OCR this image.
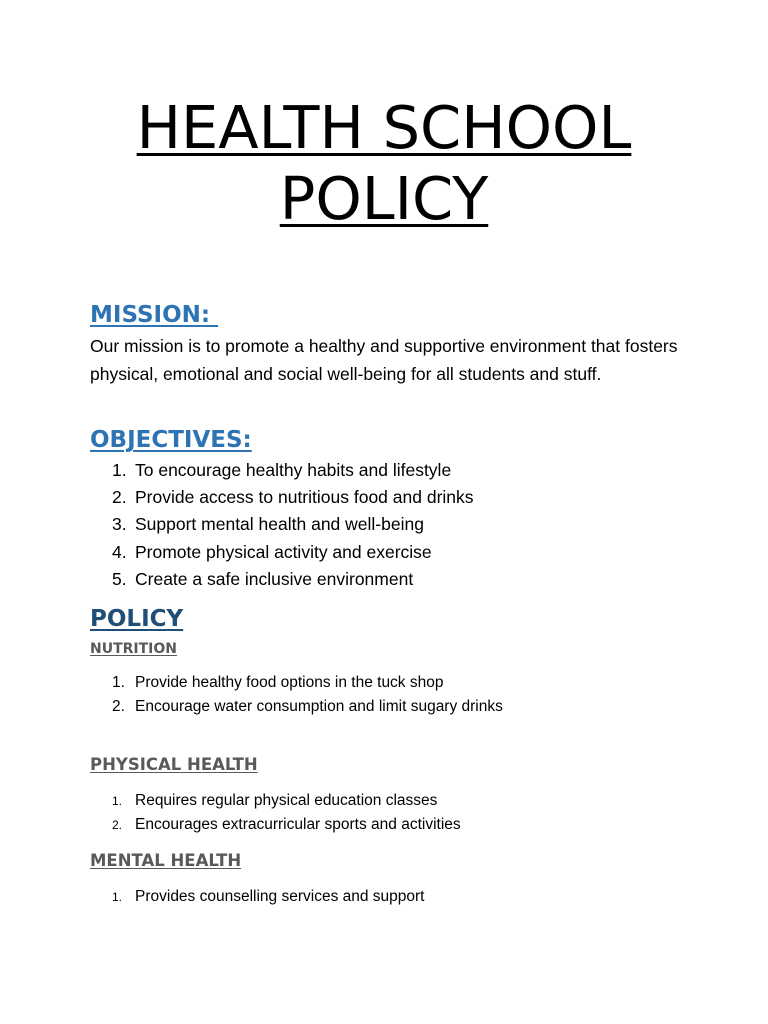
HEALTH SCHOOL
POLICY
MISSION:

Our mission is to promote a healthy and supportive environment that fosters physical, emotional and social well-being for all students and stuff.

OBJECTIVES:
1. To encourage healthy habits and lifestyle
2. Provide access to nutritious food and drinks
3. Support mental health and well-being
4. Promote physical activity and exercise
5. Create a safe inclusive environment
POLICY
NUTRITION
1. Provide healthy food options in the tuck shop
2. Encourage water consumption and limit sugary drinks
PHYSICAL HEALTH
1. Requires regular physical education classes
2. Encourages extracurricular sports and activities
MENTAL HEALTH
1. Provides counselling services and support
